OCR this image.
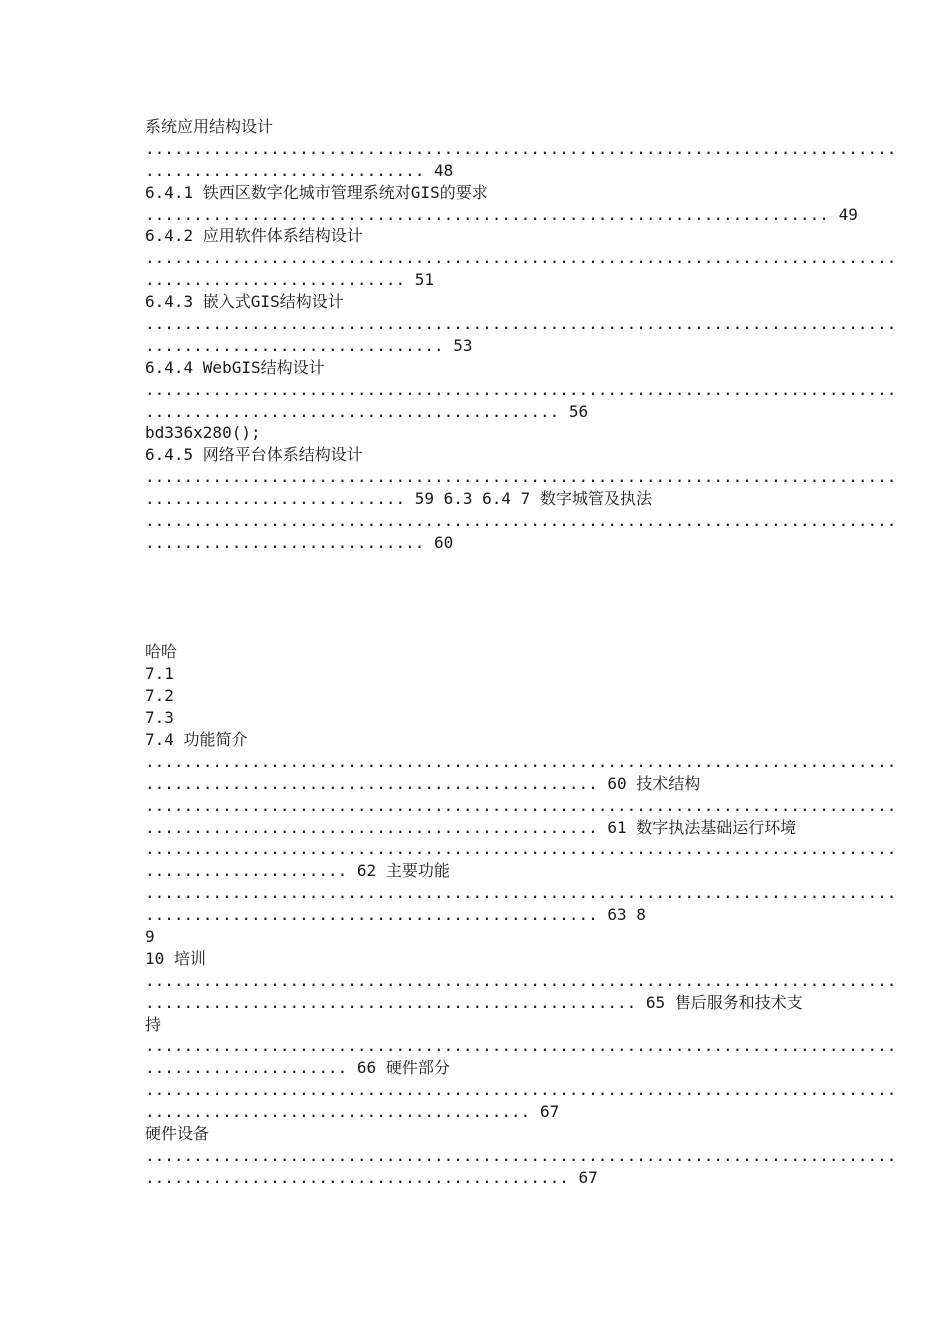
系统应用结构设计
..............................................................................
............................. 48
6.4.1 铁西区数字化城市管理系统对GIS的要求
....................................................................... 49
6.4.2 应用软件体系结构设计
..............................................................................
........................... 51
6.4.3 嵌入式GIS结构设计
..............................................................................
............................... 53
6.4.4 WebGIS结构设计
..............................................................................
........................................... 56
bd336x280();
6.4.5 网络平台体系结构设计
..............................................................................
........................... 59 6.3 6.4 7 数字城管及执法
..............................................................................
............................. 60
哈哈
7.1
7.2
7.3
7.4 功能简介
..............................................................................
............................................... 60 技术结构
..............................................................................
............................................... 61 数字执法基础运行环境
..............................................................................
..................... 62 主要功能
..............................................................................
............................................... 63 8
9
10 培训
..............................................................................
................................................... 65 售后服务和技术支
持
..............................................................................
..................... 66 硬件部分
..............................................................................
........................................ 67
硬件设备
..............................................................................
............................................ 67
